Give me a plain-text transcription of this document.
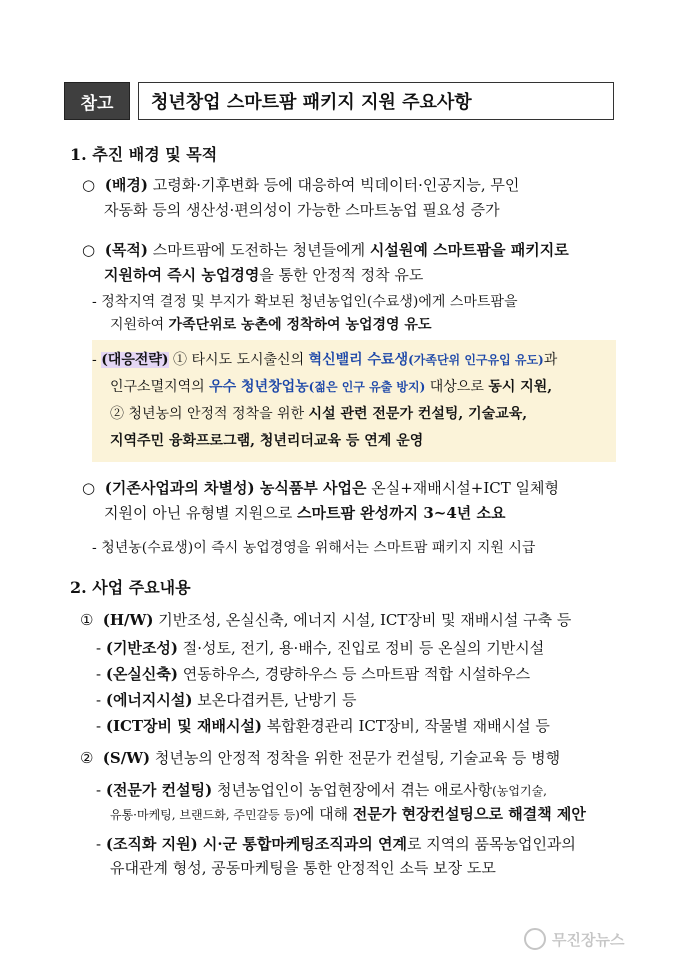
참고	청년창업 스마트팜 패키지 지원 주요사항
1. 추진 배경 및 목적
○ (배경) 고령화·기후변화 등에 대응하여 빅데이터·인공지능, 무인
자동화 등의 생산성·편의성이 가능한 스마트농업 필요성 증가
○ (목적) 스마트팜에 도전하는 청년들에게 시설원예 스마트팜을 패키지로
지원하여 즉시 농업경영을 통한 안정적 정착 유도
- 정착지역 결정 및 부지가 확보된 청년농업인(수료생)에게 스마트팜을
지원하여 가족단위로 농촌에 정착하여 농업경영 유도
- (대응전략) ① 타시도 도시출신의 혁신밸리 수료생(가족단위 인구유입 유도)과
인구소멸지역의 우수 청년창업농(젊은 인구 유출 방지) 대상으로 동시 지원,
② 청년농의 안정적 정착을 위한 시설 관련 전문가 컨설팅, 기술교육,
지역주민 융화프로그램, 청년리더교육 등 연계 운영
○ (기존사업과의 차별성) 농식품부 사업은 온실+재배시설+ICT 일체형
지원이 아닌 유형별 지원으로 스마트팜 완성까지 3~4년 소요
- 청년농(수료생)이 즉시 농업경영을 위해서는 스마트팜 패키지 지원 시급
2. 사업 주요내용
① (H/W) 기반조성, 온실신축, 에너지 시설, ICT장비 및 재배시설 구축 등
- (기반조성) 절·성토, 전기, 용·배수, 진입로 정비 등 온실의 기반시설
- (온실신축) 연동하우스, 경량하우스 등 스마트팜 적합 시설하우스
- (에너지시설) 보온다겹커튼, 난방기 등
- (ICT장비 및 재배시설) 복합환경관리 ICT장비, 작물별 재배시설 등
② (S/W) 청년농의 안정적 정착을 위한 전문가 컨설팅, 기술교육 등 병행
- (전문가 컨설팅) 청년농업인이 농업현장에서 겪는 애로사항(농업기술,
유통·마케팅, 브랜드화, 주민갈등 등)에 대해 전문가 현장컨설팅으로 해결책 제안
- (조직화 지원) 시·군 통합마케팅조직과의 연계로 지역의 품목농업인과의
유대관계 형성, 공동마케팅을 통한 안정적인 소득 보장 도모
무진장뉴스
